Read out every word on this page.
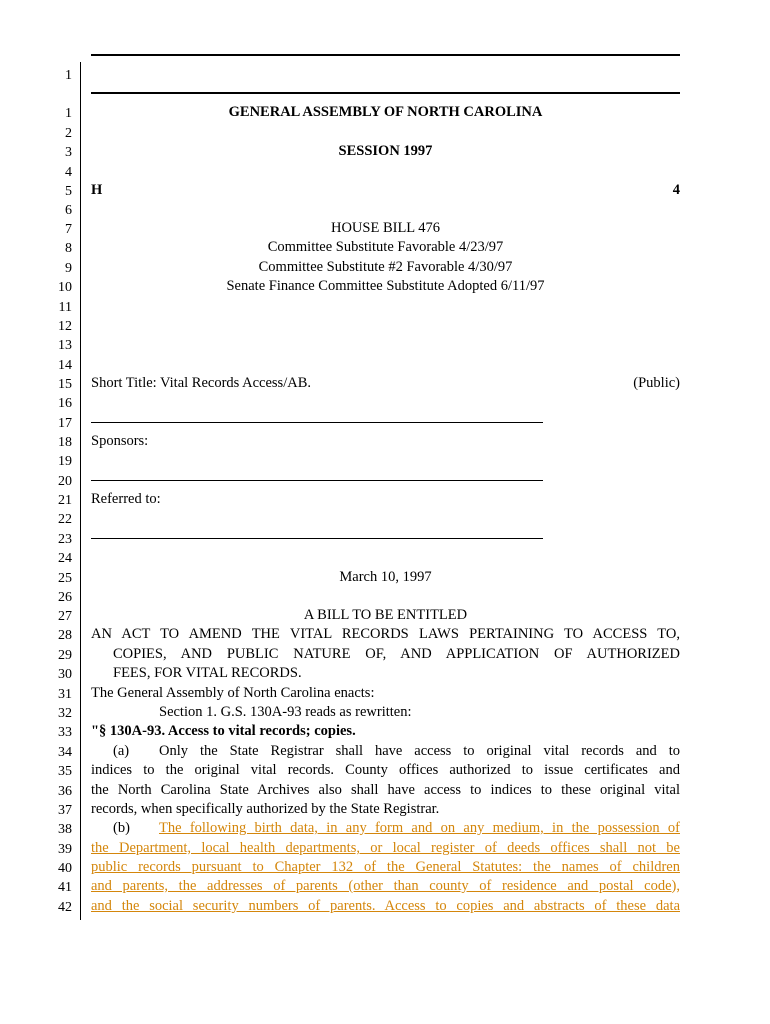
1
1
2
3
4
5
6
7
8
9
10
11
12
13
14
15
16
17
18
19
20
21
22
23
24
25
26
27
28
29
30
31
32
33
34
35
36
37
38
39
40
41
42
GENERAL ASSEMBLY OF NORTH CAROLINA
SESSION 1997
H	4
HOUSE BILL 476
Committee Substitute Favorable 4/23/97
Committee Substitute #2 Favorable 4/30/97
Senate Finance Committee Substitute Adopted 6/11/97
Short Title: Vital Records Access/AB.	(Public)
Sponsors:
Referred to:
March 10, 1997
A BILL TO BE ENTITLED
AN ACT TO AMEND THE VITAL RECORDS LAWS PERTAINING TO ACCESS TO,
COPIES, AND PUBLIC NATURE OF, AND APPLICATION OF AUTHORIZED
FEES, FOR VITAL RECORDS.
The General Assembly of North Carolina enacts:
Section 1. G.S. 130A-93 reads as rewritten:
"§ 130A-93. Access to vital records; copies.
(a)	Only the State Registrar shall have access to original vital records and to
indices to the original vital records. County offices authorized to issue certificates and
the North Carolina State Archives also shall have access to indices to these original vital
records, when specifically authorized by the State Registrar.
(b)	The following birth data, in any form and on any medium, in the possession of
the Department, local health departments, or local register of deeds offices shall not be
public records pursuant to Chapter 132 of the General Statutes: the names of children
and parents, the addresses of parents (other than county of residence and postal code),
and the social security numbers of parents. Access to copies and abstracts of these data
